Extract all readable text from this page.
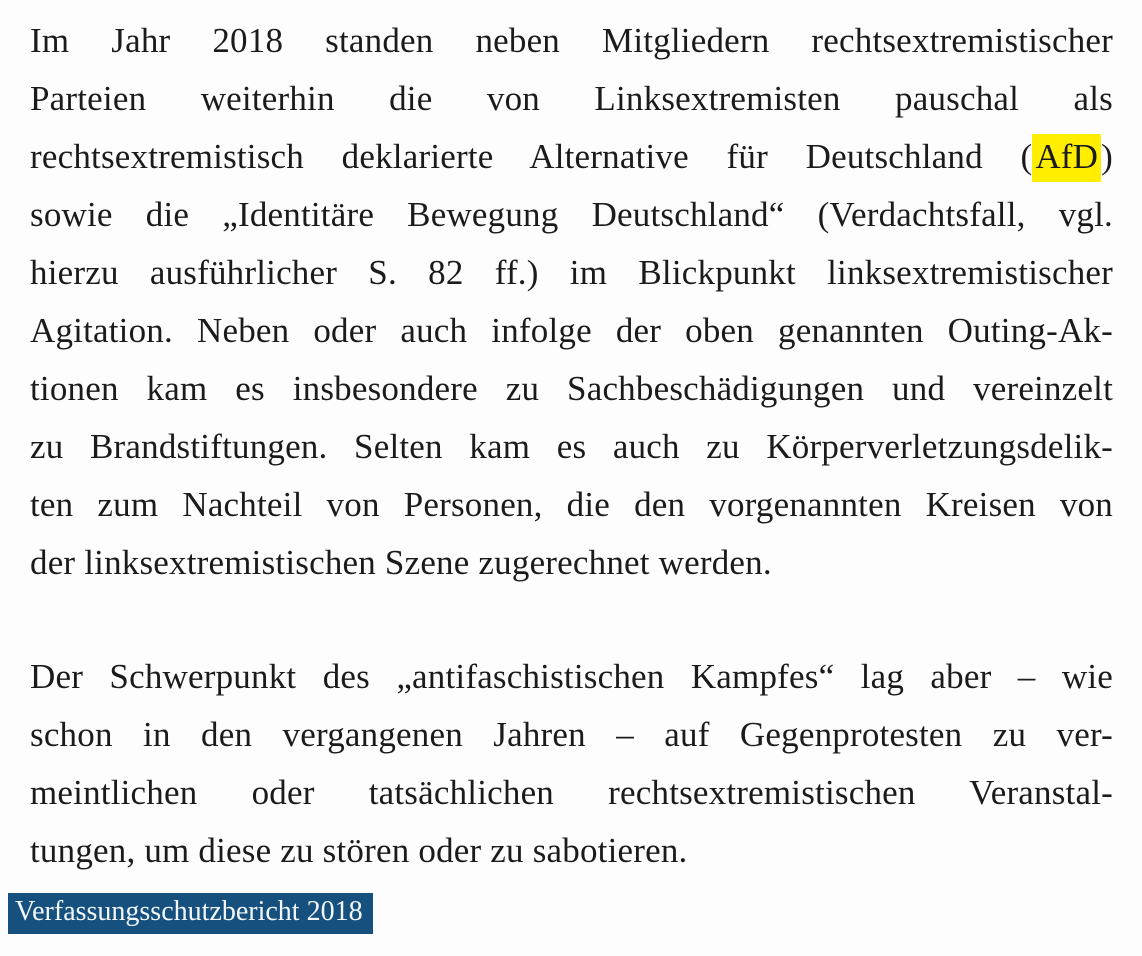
Im Jahr 2018 standen neben Mitgliedern rechtsextremistischer
Parteien weiterhin die von Linksextremisten pauschal als
rechtsextremistisch deklarierte Alternative für Deutschland (AfD)
sowie die „Identitäre Bewegung Deutschland“ (Verdachtsfall, vgl.
hierzu ausführlicher S. 82 ff.) im Blickpunkt linksextremistischer
Agitation. Neben oder auch infolge der oben genannten Outing-Ak-
tionen kam es insbesondere zu Sachbeschädigungen und vereinzelt
zu Brandstiftungen. Selten kam es auch zu Körperverletzungsdelik-
ten zum Nachteil von Personen, die den vorgenannten Kreisen von
der linksextremistischen Szene zugerechnet werden.
Der Schwerpunkt des „antifaschistischen Kampfes“ lag aber – wie
schon in den vergangenen Jahren – auf Gegenprotesten zu ver-
meintlichen oder tatsächlichen rechtsextremistischen Veranstal-
tungen, um diese zu stören oder zu sabotieren.
Verfassungsschutzbericht 2018
